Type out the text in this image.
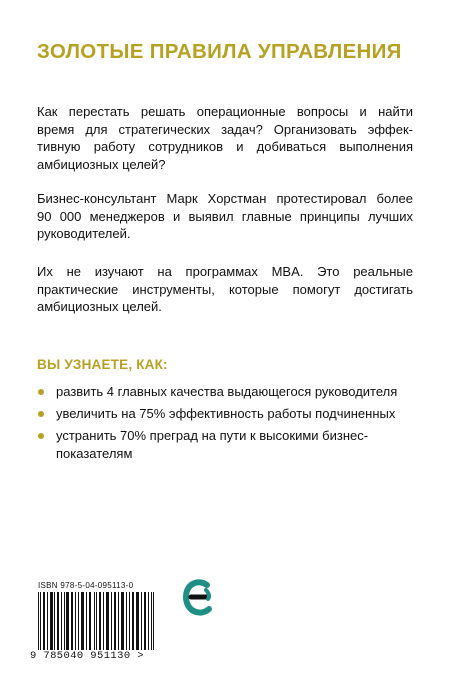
ЗОЛОТЫЕ ПРАВИЛА УПРАВЛЕНИЯ

Как перестать решать операционные вопросы и найти
время для стратегических задач? Организовать эффек-
тивную работу сотрудников и добиваться выполнения
амбициозных целей?

Бизнес-консультант Марк Хорстман протестировал более
90 000 менеджеров и выявил главные принципы лучших
руководителей.

Их не изучают на программах MBA. Это реальные
практические инструменты, которые помогут достигать
амбициозных целей.

ВЫ УЗНАЕТЕ, КАК:
развить 4 главных качества выдающегося руководителя
увеличить на 75% эффективность работы подчиненных
устранить 70% преград на пути к высокими бизнес-
показателям
ISBN 978-5-04-095113-0
9 785040 951130 >
